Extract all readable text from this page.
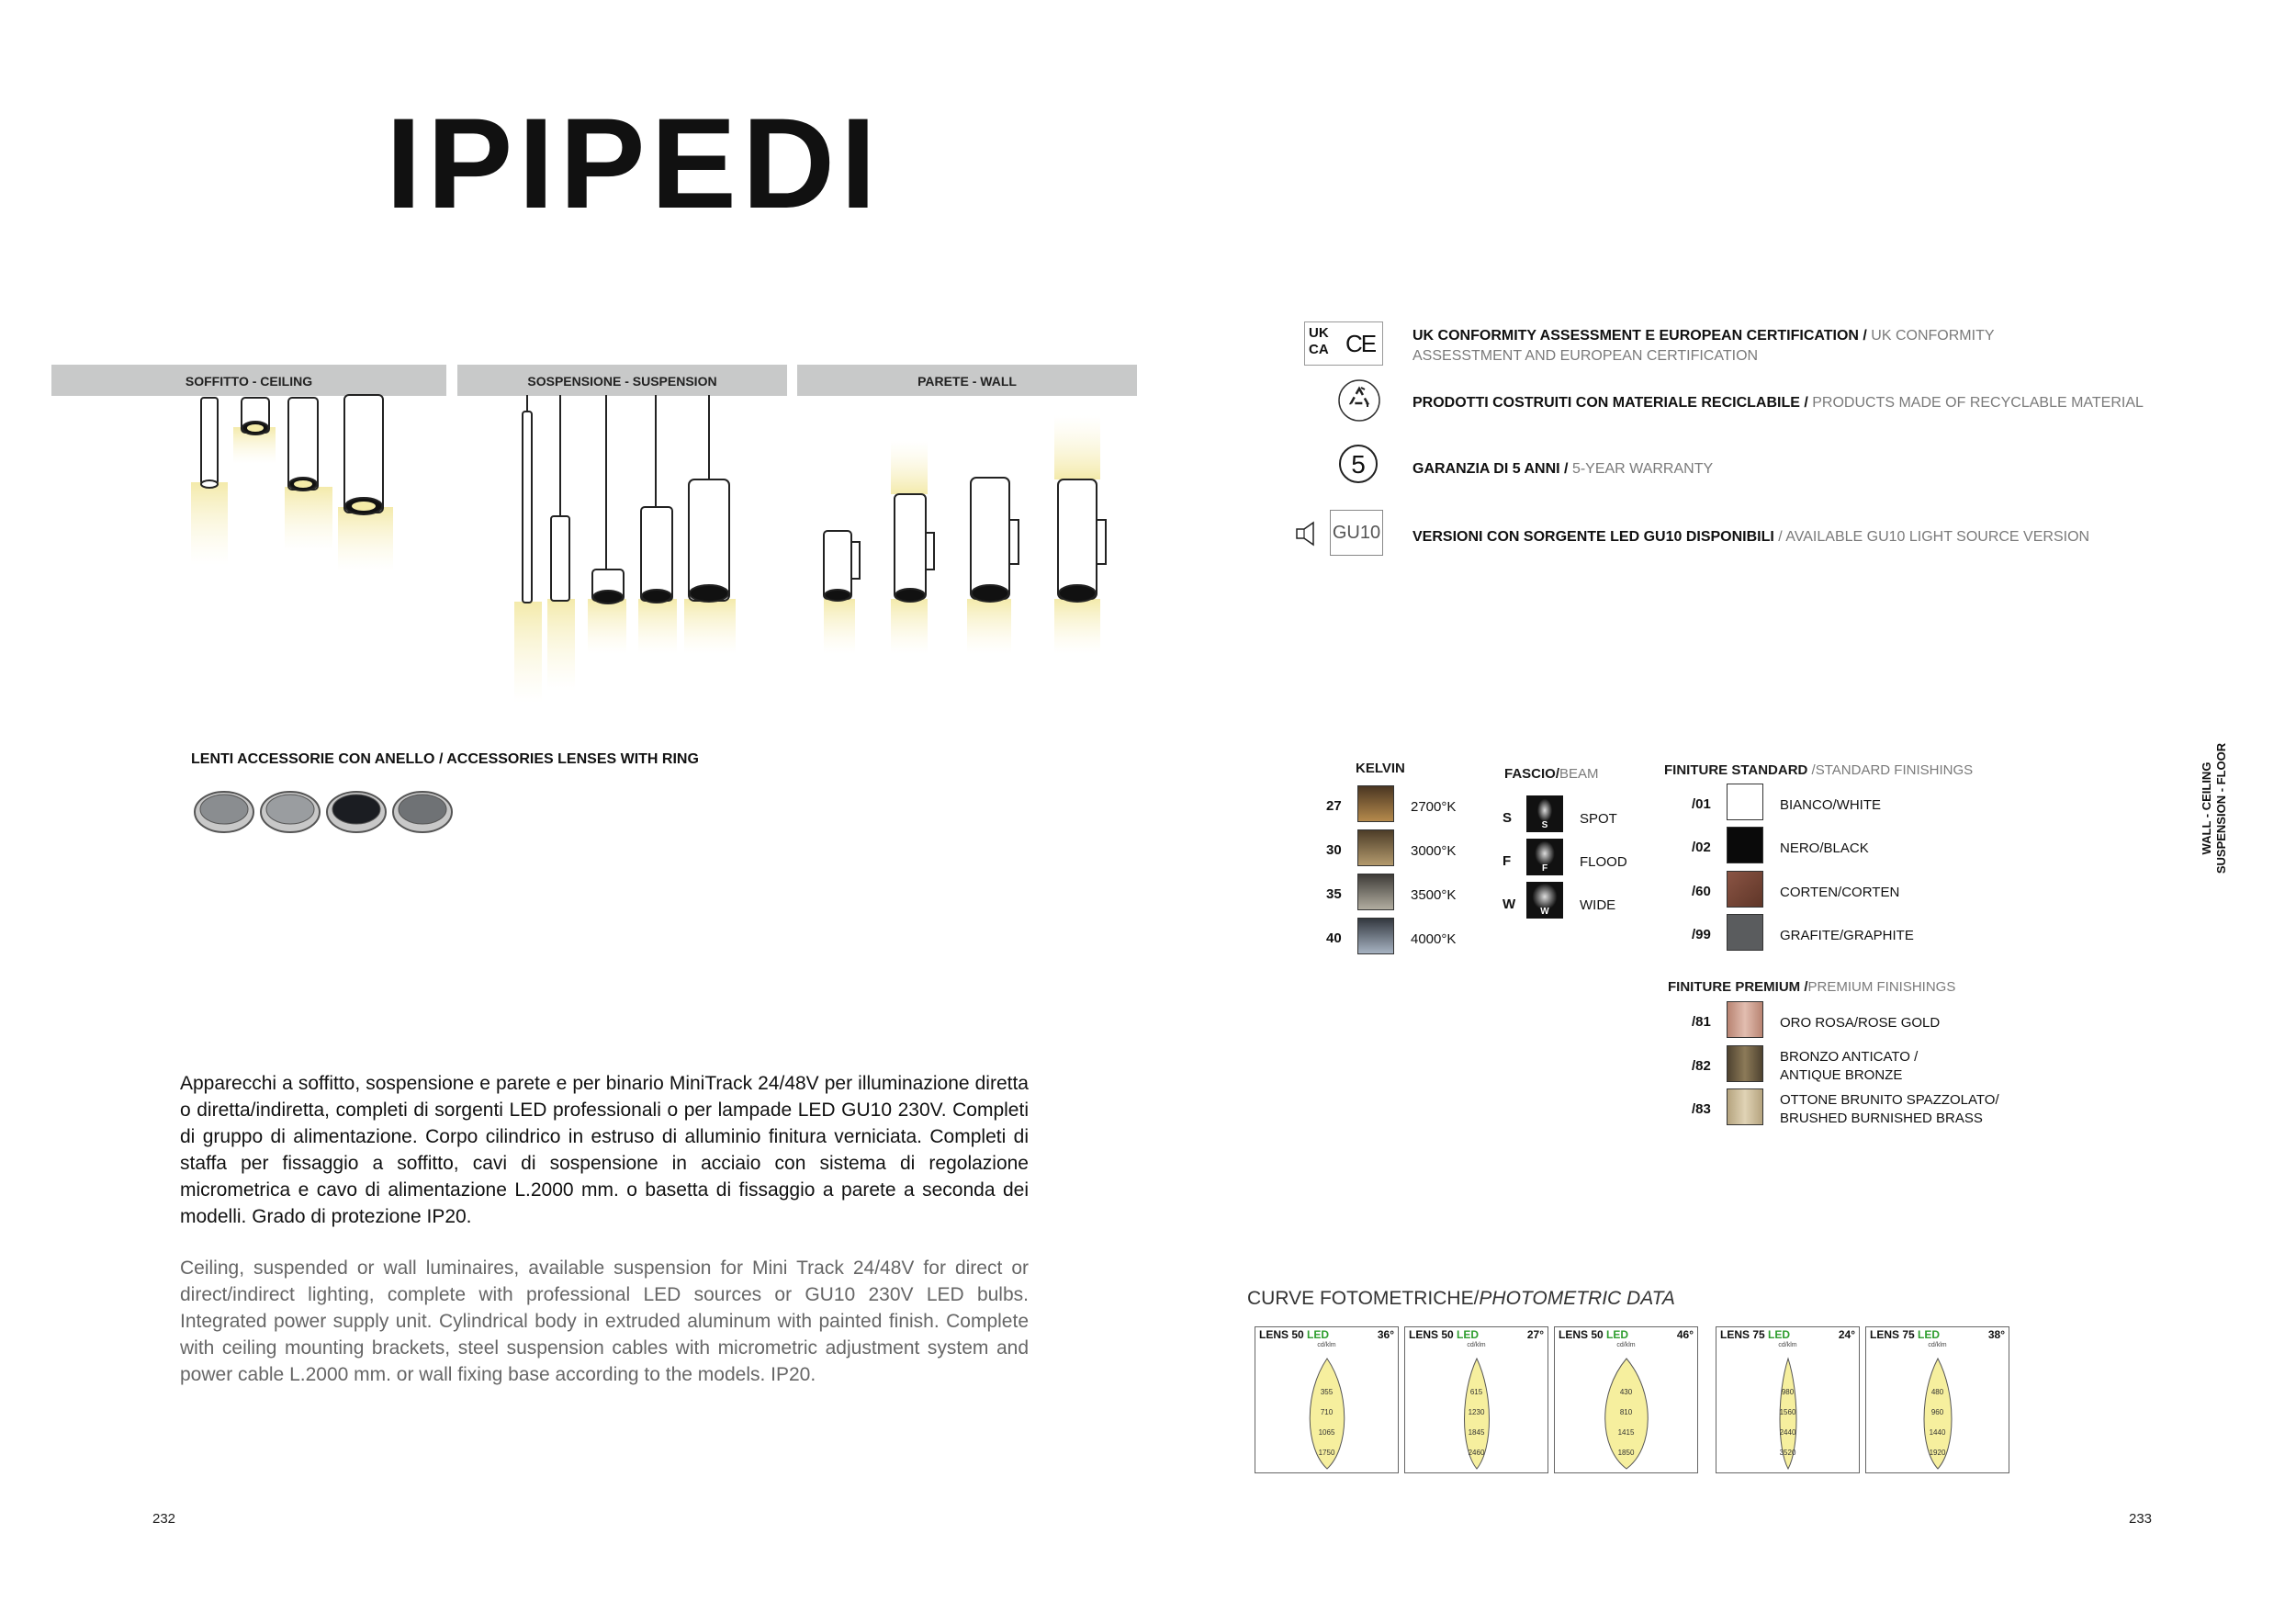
IPIPEDI
SOFFITTO - CEILING	SOSPENSIONE - SUSPENSION	PARETE - WALL
LENTI ACCESSORIE CON ANELLO / ACCESSORIES LENSES WITH RING
Apparecchi a soffitto, sospensione e parete e per binario MiniTrack 24/48V per illuminazione diretta o diretta/indiretta, completi di sorgenti LED professionali o per lampade LED GU10 230V. Completi di gruppo di alimentazione. Corpo cilindrico in estruso di alluminio finitura verniciata. Completi di staffa per fissaggio a soffitto, cavi di sospensione in acciaio con sistema di regolazione micrometrica e cavo di alimentazione L.2000 mm. o basetta di fissaggio a parete a seconda dei modelli. Grado di protezione IP20.
Ceiling, suspended or wall luminaires, available suspension for Mini Track 24/48V for direct or direct/indirect lighting, complete with professional LED sources or GU10 230V LED bulbs. Integrated power supply unit. Cylindrical body in extruded aluminum with painted finish. Complete with ceiling mounting brackets, steel suspension cables with micrometric adjustment system and power cable L.2000 mm. or wall fixing base according to the models. IP20.
UK
CA CE	UK CONFORMITY ASSESSMENT E EUROPEAN CERTIFICATION / UK CONFORMITY
ASSESSTMENT AND EUROPEAN CERTIFICATION
PRODOTTI COSTRUITI CON MATERIALE RECICLABILE / PRODUCTS MADE OF RECYCLABLE MATERIAL
5	GARANZIA DI 5 ANNI / 5-YEAR WARRANTY
GU10 VERSIONI CON SORGENTE LED GU10 DISPONIBILI / AVAILABLE GU10 LIGHT SOURCE VERSION
KELVIN
27	2700°K
30	3000°K
35	3500°K
40	4000°K
FASCIO/BEAM
S	S	SPOT
F	F	FLOOD
W	W	WIDE
FINITURE STANDARD /STANDARD FINISHINGS
/01	BIANCO/WHITE
/02	NERO/BLACK
/60	CORTEN/CORTEN
/99	GRAFITE/GRAPHITE
FINITURE PREMIUM /PREMIUM FINISHINGS
/81	ORO ROSA/ROSE GOLD
/82
BRONZO ANTICATO /
ANTIQUE BRONZE
/83
OTTONE BRUNITO SPAZZOLATO/
BRUSHED BURNISHED BRASS
CURVE FOTOMETRICHE/PHOTOMETRIC DATA
LENS 50 LED	36°
cd/klm
355
710
1065
1750
LENS 50 LED	27°
cd/klm
615
1230
1845
2460
LENS 50 LED	46°
cd/klm
430
810
1415
1850
LENS 75 LED	24°
cd/klm
980
1560
2440
3520
LENS 75 LED	38°
cd/klm
480
960
1440
1920
WALL - CEILING SUSPENSION - FLOOR
232	233
